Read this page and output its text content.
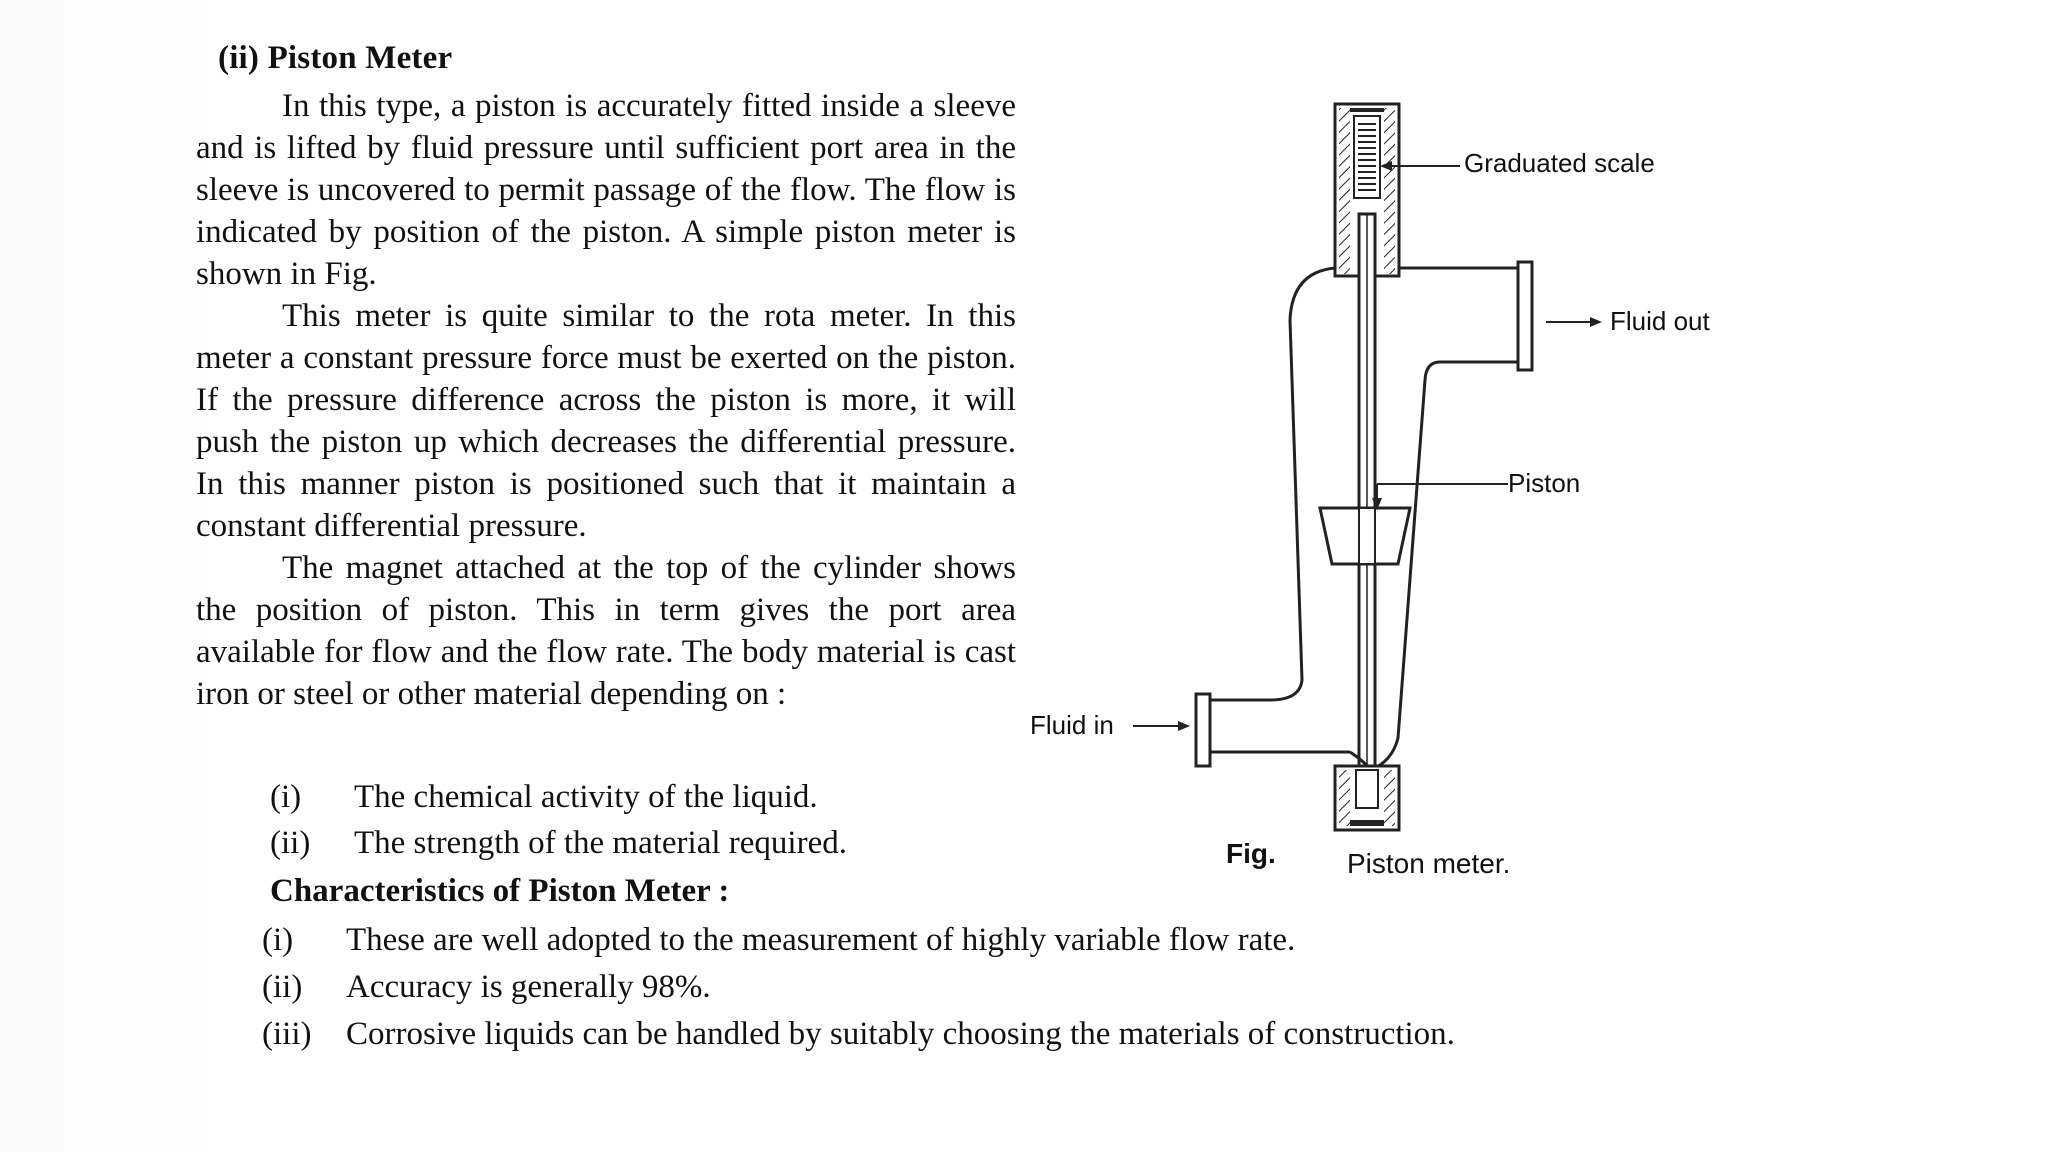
(ii) Piston Meter

In this type, a piston is accurately fitted inside a sleeve and is lifted by fluid pressure until sufficient port area in the sleeve is uncovered to permit passage of the flow. The flow is indicated by position of the piston. A simple piston meter is shown in Fig.

This meter is quite similar to the rota meter. In this meter a constant pressure force must be exerted on the piston. If the pressure difference across the piston is more, it will push the piston up which decreases the differential pressure. In this manner piston is positioned such that it maintain a constant differential pressure.

The magnet attached at the top of the cylinder shows the position of piston. This in term gives the port area available for flow and the flow rate. The body material is cast iron or steel or other material depending on :

(i) The chemical activity of the liquid.
(ii) The strength of the material required.
Characteristics of Piston Meter :
(i) These are well adopted to the measurement of highly variable flow rate.
(ii) Accuracy is generally 98%.
(iii) Corrosive liquids can be handled by suitably choosing the materials of construction.
Graduated scale
Fluid out
Piston
Fluid in
Fig.	Piston meter.
